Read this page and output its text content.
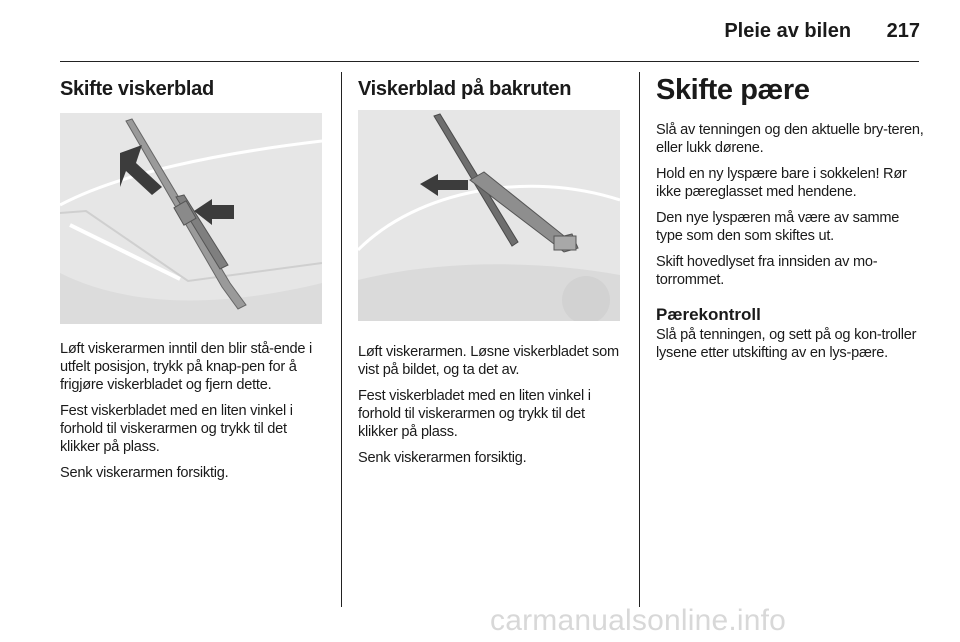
Pleie av bilen 217
Skifte viskerblad

Løft viskerarmen inntil den blir stå-ende i utfelt posisjon, trykk på knap-pen for å frigjøre viskerbladet og fjern dette.

Fest viskerbladet med en liten vinkel i forhold til viskerarmen og trykk til det klikker på plass.

Senk viskerarmen forsiktig.

Viskerblad på bakruten

Løft viskerarmen. Løsne viskerbladet som vist på bildet, og ta det av.

Fest viskerbladet med en liten vinkel i forhold til viskerarmen og trykk til det klikker på plass.

Senk viskerarmen forsiktig.

Skifte pære

Slå av tenningen og den aktuelle bry-teren, eller lukk dørene.

Hold en ny lyspære bare i sokkelen! Rør ikke pæreglasset med hendene.

Den nye lyspæren må være av samme type som den som skiftes ut.

Skift hovedlyset fra innsiden av mo-torrommet.

Pærekontroll

Slå på tenningen, og sett på og kon-troller lysene etter utskifting av en lys-pære.

carmanualsonline.info
